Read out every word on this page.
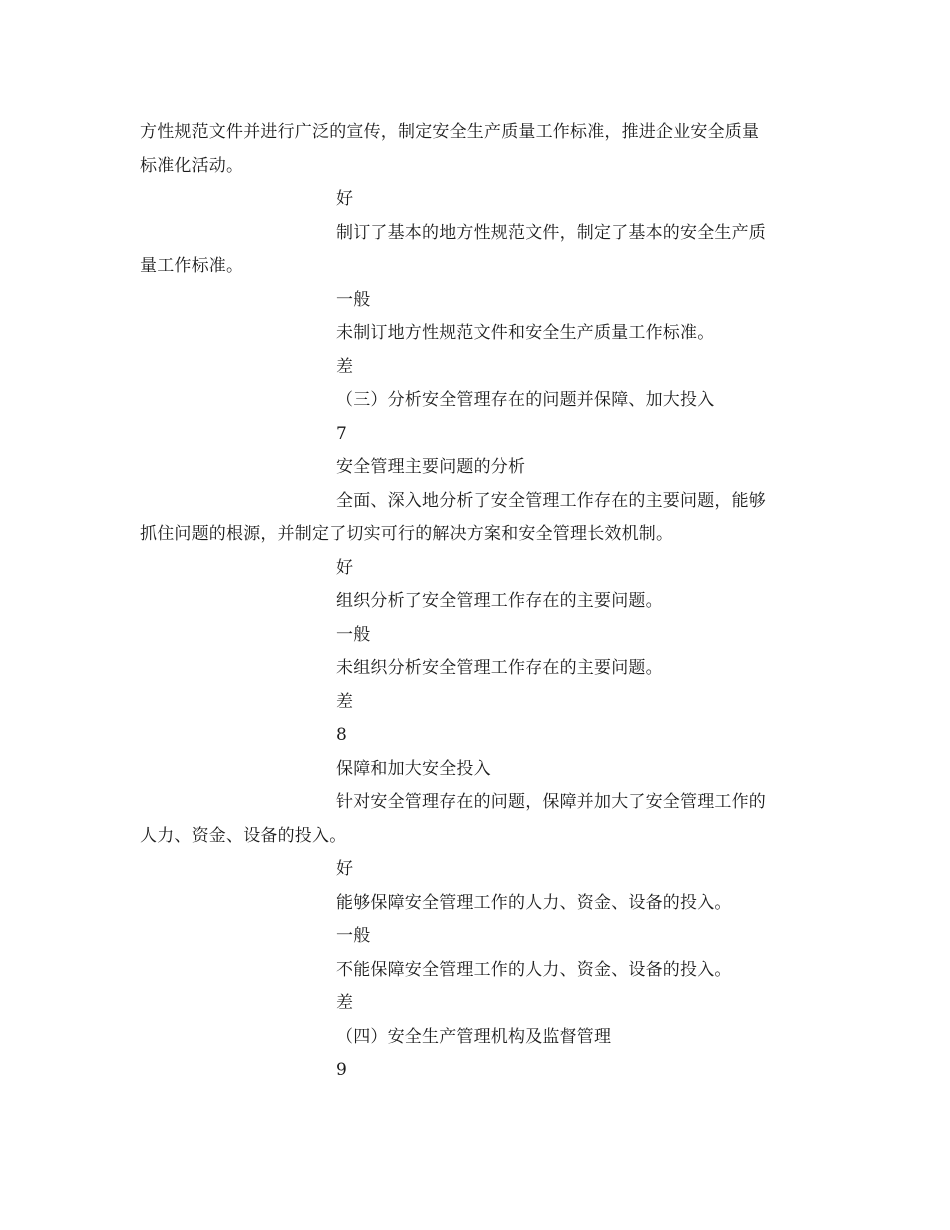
方性规范文件并进行广泛的宣传，制定安全生产质量工作标准，推进企业安全质量
标准化活动。
好
制订了基本的地方性规范文件，制定了基本的安全生产质
量工作标准。
一般
未制订地方性规范文件和安全生产质量工作标准。
差
（三）分析安全管理存在的问题并保障、加大投入
7
安全管理主要问题的分析
全面、深入地分析了安全管理工作存在的主要问题，能够
抓住问题的根源，并制定了切实可行的解决方案和安全管理长效机制。
好
组织分析了安全管理工作存在的主要问题。
一般
未组织分析安全管理工作存在的主要问题。
差
8
保障和加大安全投入
针对安全管理存在的问题，保障并加大了安全管理工作的
人力、资金、设备的投入。
好
能够保障安全管理工作的人力、资金、设备的投入。
一般
不能保障安全管理工作的人力、资金、设备的投入。
差
（四）安全生产管理机构及监督管理
9
